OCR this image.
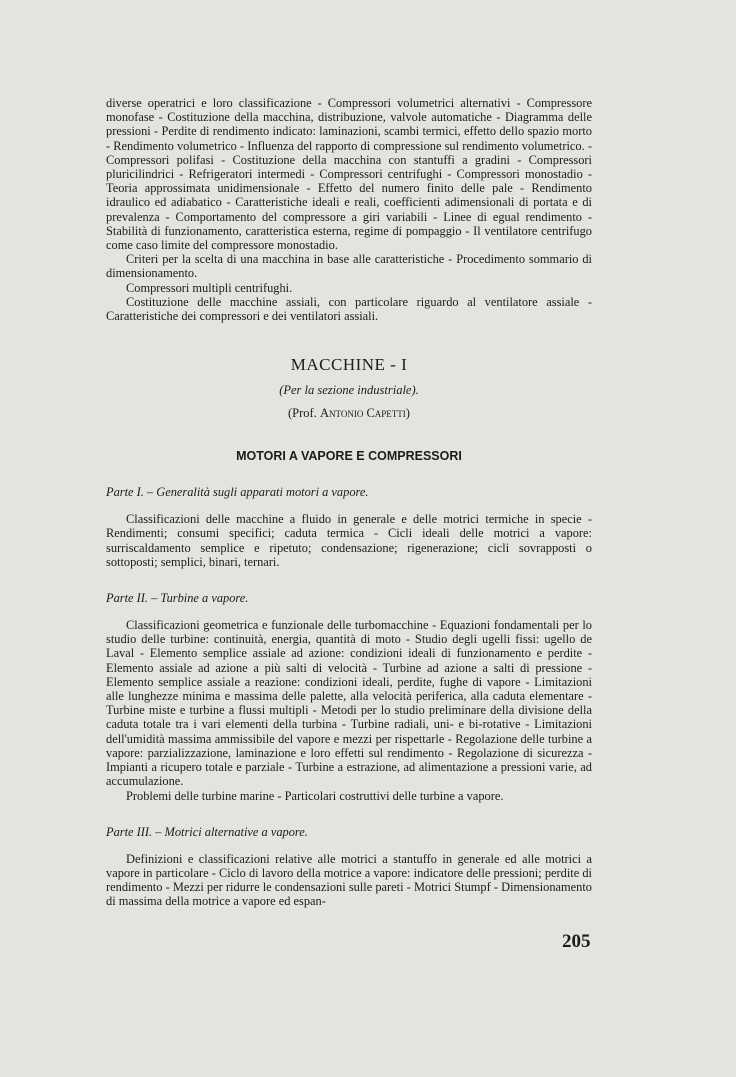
diverse operatrici e loro classificazione - Compressori volumetrici alternativi - Compressore monofase - Costituzione della macchina, distribuzione, valvole automatiche - Diagramma delle pressioni - Perdite di rendimento indicato: laminazioni, scambi termici, effetto dello spazio morto - Rendimento volumetrico - Influenza del rapporto di compressione sul rendimento volumetrico. - Compressori polifasi - Costituzione della macchina con stantuffi a gradini - Compressori pluricilindrici - Refrigeratori intermedi - Compressori centrifughi - Compressori monostadio - Teoria approssimata unidimensionale - Effetto del numero finito delle pale - Rendimento idraulico ed adiabatico - Caratteristiche ideali e reali, coefficienti adimensionali di portata e di prevalenza - Comportamento del compressore a giri variabili - Linee di egual rendimento - Stabilità di funzionamento, caratteristica esterna, regime di pompaggio - Il ventilatore centrifugo come caso limite del compressore monostadio.

Criteri per la scelta di una macchina in base alle caratteristiche - Procedimento sommario di dimensionamento.

Compressori multipli centrifughi.

Costituzione delle macchine assiali, con particolare riguardo al ventilatore assiale - Caratteristiche dei compressori e dei ventilatori assiali.

MACCHINE - I

(Per la sezione industriale).

(Prof. Antonio Capetti)

MOTORI A VAPORE E COMPRESSORI

Parte I. – Generalità sugli apparati motori a vapore.

Classificazioni delle macchine a fluido in generale e delle motrici termiche in specie - Rendimenti; consumi specifici; caduta termica - Cicli ideali delle motrici a vapore: surriscaldamento semplice e ripetuto; condensazione; rigenerazione; cicli sovrapposti o sottoposti; semplici, binari, ternari.

Parte II. – Turbine a vapore.

Classificazioni geometrica e funzionale delle turbomacchine - Equazioni fondamentali per lo studio delle turbine: continuità, energia, quantità di moto - Studio degli ugelli fissi: ugello de Laval - Elemento semplice assiale ad azione: condizioni ideali di funzionamento e perdite - Elemento assiale ad azione a più salti di velocità - Turbine ad azione a salti di pressione - Elemento semplice assiale a reazione: condizioni ideali, perdite, fughe di vapore - Limitazioni alle lunghezze minima e massima delle palette, alla velocità periferica, alla caduta elementare - Turbine miste e turbine a flussi multipli - Metodi per lo studio preliminare della divisione della caduta totale tra i vari elementi della turbina - Turbine radiali, uni- e bi-rotative - Limitazioni dell'umidità massima ammissibile del vapore e mezzi per rispettarle - Regolazione delle turbine a vapore: parzializzazione, laminazione e loro effetti sul rendimento - Regolazione di sicurezza - Impianti a ricupero totale e parziale - Turbine a estrazione, ad alimentazione a pressioni varie, ad accumulazione.

Problemi delle turbine marine - Particolari costruttivi delle turbine a vapore.

Parte III. – Motrici alternative a vapore.

Definizioni e classificazioni relative alle motrici a stantuffo in generale ed alle motrici a vapore in particolare - Ciclo di lavoro della motrice a vapore: indicatore delle pressioni; perdite di rendimento - Mezzi per ridurre le condensazioni sulle pareti - Motrici Stumpf - Dimensionamento di massima della motrice a vapore ed espan-

205
